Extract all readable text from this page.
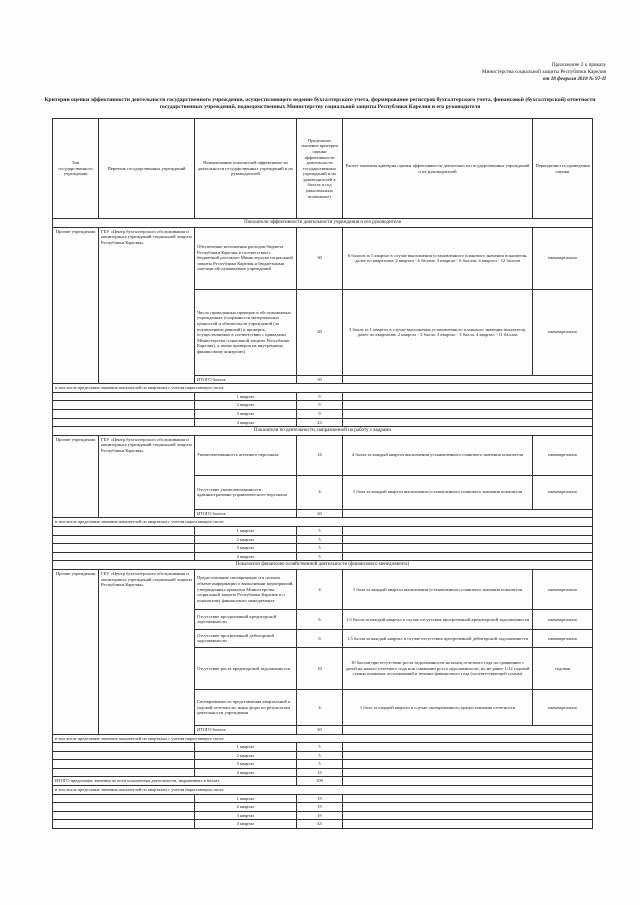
Приложение 2 к приказу
Министерства социальной защиты Республики Карелия
от 18 февраля 2018 № 97-П
Критерии оценки эффективности деятельности государственного учреждения, осуществляющего ведение бухгалтерского учета, формирование регистров бухгалтерского учета, финансовой (бухгалтерской) отчетности государственных учреждений, подведомственных Министерству социальной защиты Республики Карелия и его руководителя
Тип государственного учреждения	Перечень государственных учреждений	Наименование показателей эффективности деятельности государственных учреждений и их руководителей	Предельное значение критерия оценки эффективности деятельности государственных учреждений и их руководителей в баллах в год (максимально возможное)	Расчет значения критерия оценки эффективности деятельности государственных учреждений и их руководителей	Периодичность проведения оценки
Показатели эффективности деятельности учреждения и его руководителя					
Прочие учреждения	ГБУ «Центр бухгалтерского обслуживания и мониторинга учреждений социальной защиты Республики Карелия»	Обеспечение исполнения расходов бюджета Республики Карелия в соответствии с бюджетной росписью Министерства социальной защиты Республики Карелия и бюджетными сметами обслуживаемых учреждений	30	6 баллов за 1 квартал в случае выполнения установленного планового значения показателя, далее по кварталам: 2 квартал - 6 баллов, 3 квартал - 6 баллов, 4 квартал - 12 баллов	ежеквартально
		Число проведенных проверок в обслуживаемых учреждениях (сохранности материальных ценностей и обязательств учреждений (за исключением ревизий) и проверок, осуществляемых в соответствии с приказами Министерства социальной защиты Республики Карелия), а также проверок на внутреннему финансовому контролю)	20	3 балла за 1 квартал в случае выполнения установленного планового значения показателя, далее по кварталам: 2 квартал - 3 балла, 3 квартал - 3 балла, 4 квартал - 11 баллов	ежеквартально
		ИТОГО баллов	50		
в том числе предельные значения показателей по кварталам с учетом нарастающего итога					
		1 квартал	9		
		2 квартал	9		
		3 квартал	9		
		4 квартал	23		
Показатели по деятельности, направленной на работу с кадрами					
Прочие учреждения	ГБУ «Центр бухгалтерского обслуживания и мониторинга учреждений социальной защиты Республики Карелия»	Укомплектованность штатного персонала	16	4 балла за каждый квартал выполнения установленного планового значения показателя	ежеквартально
		Отсутствие укомплектованности административно-управленческого персонала	4	1 балл за каждый квартал выполнения установленного планового значения показателя	ежеквартально
		ИТОГО баллов	20		
в том числе предельные значения показателей по кварталам с учетом нарастающего итога					
		1 квартал	5		
		2 квартал	5		
		3 квартал	5		
		4 квартал	5		
Показатели финансово-хозяйственной деятельности (финансового менеджмента)					
Прочие учреждения	ГБУ «Центр бухгалтерского обслуживания и мониторинга учреждений социальной защиты Республики Карелия»	Предоставление своевременно и в полном объеме информации о выполнении мероприятий, утвержденных приказом Министерства социальной защиты Республики Карелия и о показателях финансового менеджмента	4	1 балл за каждый квартал выполнения установленного планового значения показателя	ежеквартально
		Отсутствие просроченной кредиторской задолженности	6	1,5 балла за каждый квартал в случае отсутствия просроченной кредиторской задолженности	ежеквартально
		Отсутствие просроченной дебиторской задолженности	6	1,5 балла за каждый квартал в случае отсутствия просроченной дебиторской задолженности	ежеквартально
		Отсутствие роста кредиторской задолженности	10	10 баллов при отсутствии роста задолженности на конец отчетного года по сравнению с датой на начало отчетного года или снижении роста задолженности, но не ранее 1/12 годовой суммы плановых ассигнований в течение финансового года (соответствующей суммы)	годовая
		Своевременность представления квартальной и годовой отчетности, иных форм по результатам деятельности учреждения	4	1 балл за каждый квартал в случае своевременного предоставления отчетности	ежеквартально
		ИТОГО баллов	30		
в том числе предельные значения показателей по кварталам с учетом нарастающего итога					
		1 квартал	5		
		2 квартал	5		
		3 квартал	5		
		4 квартал	15		
ИТОГО предельные значения по всем показателям деятельности, выраженных в баллах			100		
в том числе предельные значения показателей по кварталам с учетом нарастающего итога					
		1 квартал	19		
		2 квартал	19		
		3 квартал	19		
		4 квартал	43		
